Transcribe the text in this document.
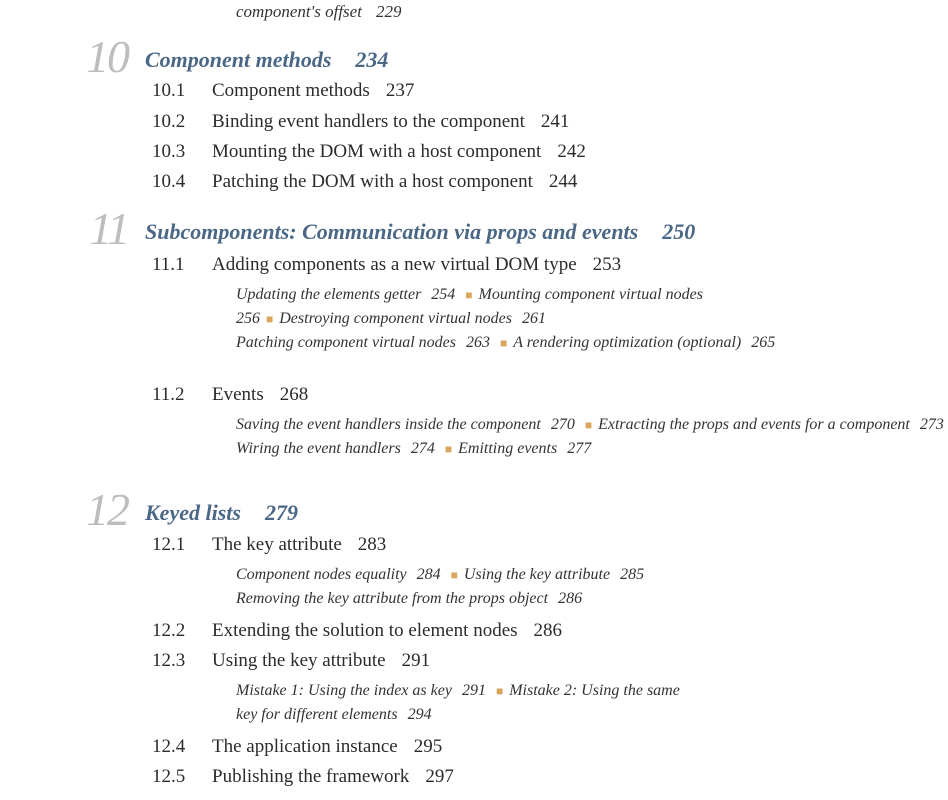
component's offset 229
10 Component methods 234
10.1 Component methods 237
10.2 Binding event handlers to the component 241
10.3 Mounting the DOM with a host component 242
10.4 Patching the DOM with a host component 244
11 Subcomponents: Communication via props and events 250
11.1 Adding components as a new virtual DOM type 253
Updating the elements getter 254 ■ Mounting component virtual nodes
256 ■ Destroying component virtual nodes 261
Patching component virtual nodes 263 ■ A rendering optimization (optional) 265
11.2 Events 268
Saving the event handlers inside the component 270 ■ Extracting the props and events for a component 273
Wiring the event handlers 274 ■ Emitting events 277
12 Keyed lists 279
12.1 The key attribute 283
Component nodes equality 284 ■ Using the key attribute 285
Removing the key attribute from the props object 286
12.2 Extending the solution to element nodes 286
12.3 Using the key attribute 291
Mistake 1: Using the index as key 291 ■ Mistake 2: Using the same
key for different elements 294
12.4 The application instance 295
12.5 Publishing the framework 297
